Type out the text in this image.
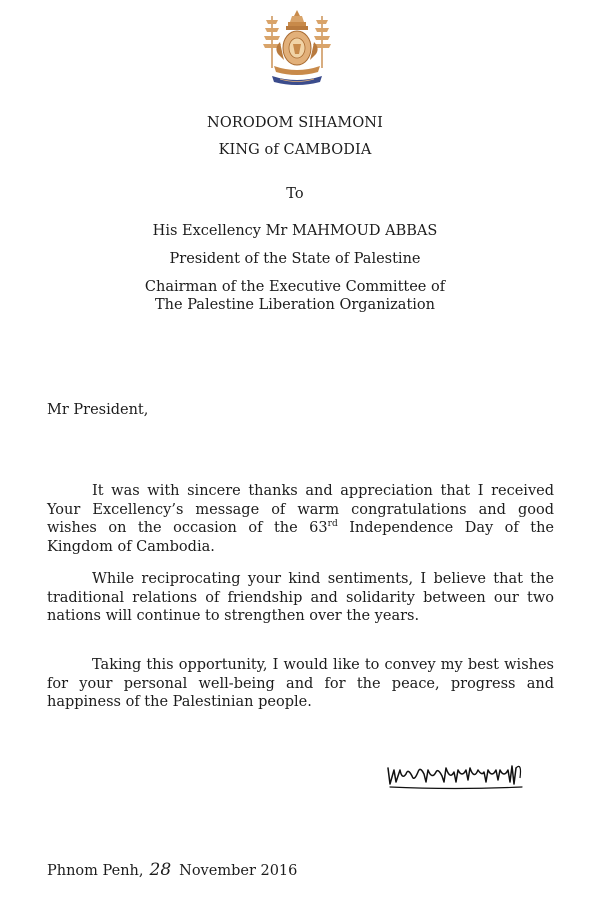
NORODOM SIHAMONI
KING of CAMBODIA
To
His Excellency Mr MAHMOUD ABBAS
President of the State of Palestine
Chairman of the Executive Committee of
The Palestine Liberation Organization
Mr President,

It was with sincere thanks and appreciation that I received Your Excellency’s message of warm congratulations and good wishes on the occasion of the 63rd Independence Day of the Kingdom of Cambodia.

While reciprocating your kind sentiments, I believe that the traditional relations of friendship and solidarity between our two nations will continue to strengthen over the years.

Taking this opportunity, I would like to convey my best wishes for your personal well-being and for the peace, progress and happiness of the Palestinian people.

Phnom Penh, 28 November 2016
